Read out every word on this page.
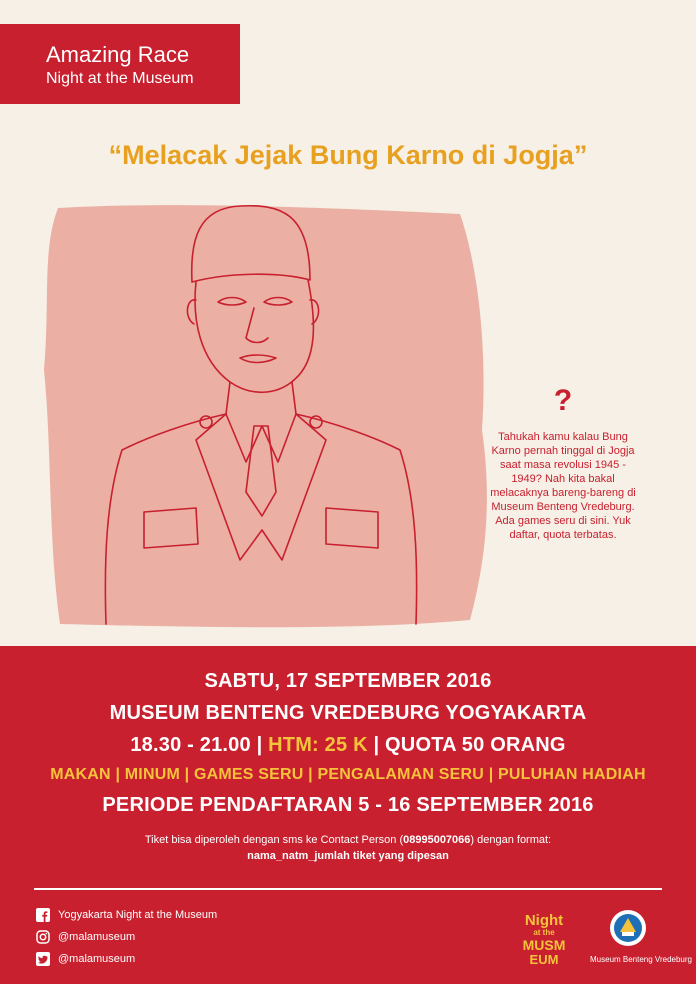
Amazing Race
Night at the Museum
“Melacak Jejak Bung Karno di Jogja”
?
Tahukah kamu kalau Bung Karno pernah tinggal di Jogja saat masa revolusi 1945 - 1949? Nah kita bakal melacaknya bareng-bareng di Museum Benteng Vredeburg. Ada games seru di sini. Yuk daftar, quota terbatas.
SABTU, 17 SEPTEMBER 2016
MUSEUM BENTENG VREDEBURG YOGYAKARTA
18.30 - 21.00 | HTM: 25 K | QUOTA 50 ORANG
MAKAN | MINUM | GAMES SERU | PENGALAMAN SERU | PULUHAN HADIAH
PERIODE PENDAFTARAN 5 - 16 SEPTEMBER 2016
Tiket bisa diperoleh dengan sms ke Contact Person (08995007066) dengan format:
nama_natm_jumlah tiket yang dipesan
Yogyakarta Night at the Museum
@malamuseum
@malamuseum
Night
at the
MUSM
EUM	Museum Benteng Vredeburg
